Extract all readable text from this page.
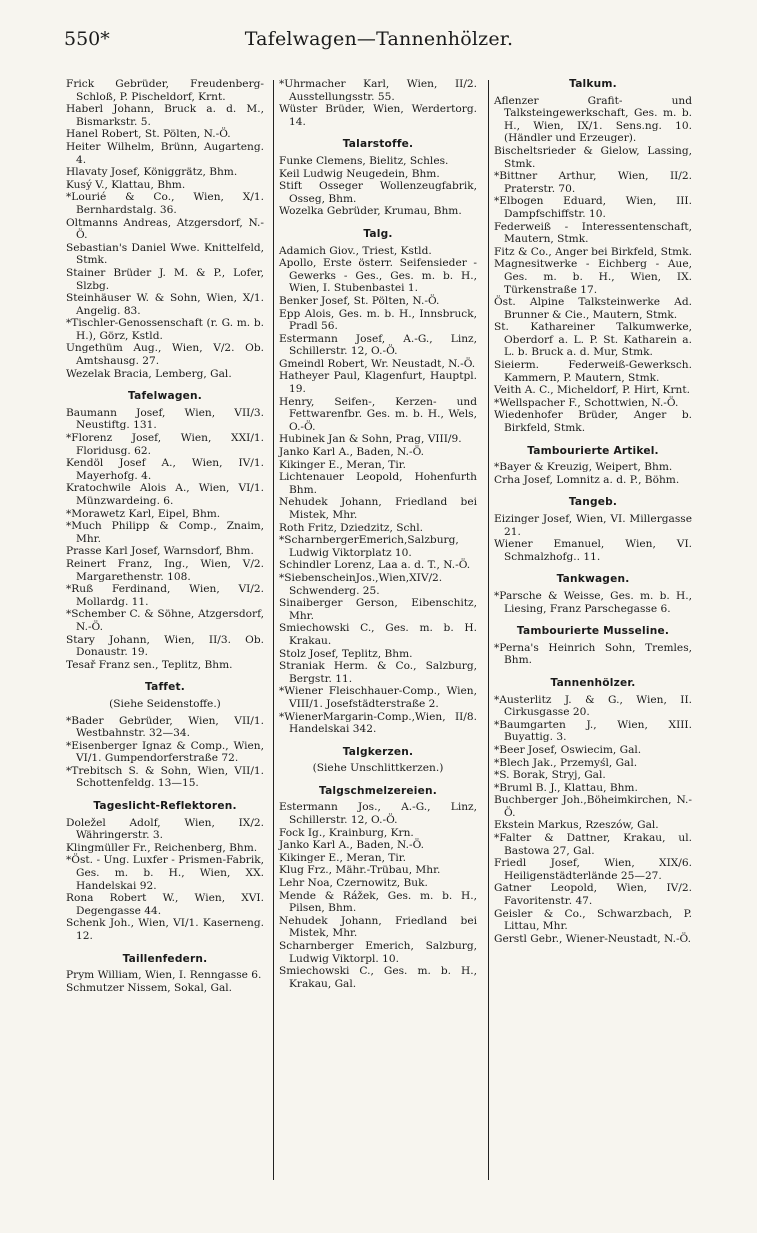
550*	Tafelwagen—Tannenhölzer.
Frick Gebrüder, Freudenberg-Schloß, P. Pischeldorf, Krnt.
Haberl Johann, Bruck a. d. M., Bismarkstr. 5.
Hanel Robert, St. Pölten, N.-Ö.
Heiter Wilhelm, Brünn, Augarteng. 4.
Hlavaty Josef, Königgrätz, Bhm.
Kusý V., Klattau, Bhm.
*Lourié & Co., Wien, X/1. Bernhardstalg. 36.
Oltmanns Andreas, Atzgersdorf, N.-Ö.
Sebastian's Daniel Wwe. Knittelfeld, Stmk.
Stainer Brüder J. M. & P., Lofer, Slzbg.
Steinhäuser W. & Sohn, Wien, X/1. Angelig. 83.
*Tischler-Genossenschaft (r. G. m. b. H.), Görz, Kstld.
Ungethüm Aug., Wien, V/2. Ob. Amtshausg. 27.
Wezelak Bracia, Lemberg, Gal.
Tafelwagen.
Baumann Josef, Wien, VII/3. Neustiftg. 131.
*Florenz Josef, Wien, XXI/1. Floridusg. 62.
Kendöl Josef A., Wien, IV/1. Mayerhofg. 4.
Kratochwile Alois A., Wien, VI/1. Münzwardeing. 6.
*Morawetz Karl, Eipel, Bhm.
*Much Philipp & Comp., Znaim, Mhr.
Prasse Karl Josef, Warnsdorf, Bhm.
Reinert Franz, Ing., Wien, V/2. Margarethenstr. 108.
*Ruß Ferdinand, Wien, VI/2. Mollardg. 11.
*Schember C. & Söhne, Atzgersdorf, N.-Ö.
Stary Johann, Wien, II/3. Ob. Donaustr. 19.
Tesař Franz sen., Teplitz, Bhm.
Taffet.
(Siehe Seidenstoffe.)
*Bader Gebrüder, Wien, VII/1. Westbahnstr. 32—34.
*Eisenberger Ignaz & Comp., Wien, VI/1. Gumpendorferstraße 72.
*Trebitsch S. & Sohn, Wien, VII/1. Schottenfeldg. 13—15.
Tageslicht-Reflektoren.
Doležel Adolf, Wien, IX/2. Währingerstr. 3.
Klingmüller Fr., Reichenberg, Bhm.
*Öst. - Ung. Luxfer - Prismen-Fabrik, Ges. m. b. H., Wien, XX. Handelskai 92.
Rona Robert W., Wien, XVI. Degengasse 44.
Schenk Joh., Wien, VI/1. Kaserneng. 12.
Taillenfedern.
Prym William, Wien, I. Renngasse 6.
Schmutzer Nissem, Sokal, Gal.
*Uhrmacher Karl, Wien, II/2. Ausstellungsstr. 55.
Wüster Brüder, Wien, Werdertorg. 14.
Talarstoffe.
Funke Clemens, Bielitz, Schles.
Keil Ludwig Neugedein, Bhm.
Stift Osseger Wollenzeugfabrik, Osseg, Bhm.
Wozelka Gebrüder, Krumau, Bhm.
Talg.
Adamich Giov., Triest, Kstld.
Apollo, Erste österr. Seifensieder - Gewerks - Ges., Ges. m. b. H., Wien, I. Stubenbastei 1.
Benker Josef, St. Pölten, N.-Ö.
Epp Alois, Ges. m. b. H., Innsbruck, Pradl 56.
Estermann Josef, A.-G., Linz, Schillerstr. 12, O.-Ö.
Gmeindl Robert, Wr. Neustadt, N.-Ö.
Hatheyer Paul, Klagenfurt, Hauptpl. 19.
Henry, Seifen-, Kerzen- und Fettwarenfbr. Ges. m. b. H., Wels, O.-Ö.
Hubinek Jan & Sohn, Prag, VIII/9.
Janko Karl A., Baden, N.-Ö.
Kikinger E., Meran, Tir.
Lichtenauer Leopold, Hohenfurth Bhm.
Nehudek Johann, Friedland bei Mistek, Mhr.
Roth Fritz, Dziedzitz, Schl.
*ScharnbergerEmerich,Salzburg, Ludwig Viktorplatz 10.
Schindler Lorenz, Laa a. d. T., N.-Ö.
*SiebenscheinJos.,Wien,XIV/2. Schwenderg. 25.
Sinaiberger Gerson, Eibenschitz, Mhr.
Smiechowski C., Ges. m. b. H. Krakau.
Stolz Josef, Teplitz, Bhm.
Straniak Herm. & Co., Salzburg, Bergstr. 11.
*Wiener Fleischhauer-Comp., Wien, VIII/1. Josefstädterstraße 2.
*WienerMargarin-Comp.,Wien, II/8. Handelskai 342.
Talgkerzen.
(Siehe Unschlittkerzen.)
Talgschmelzereien.
Estermann Jos., A.-G., Linz, Schillerstr. 12, O.-Ö.
Fock Ig., Krainburg, Krn.
Janko Karl A., Baden, N.-Ö.
Kikinger E., Meran, Tir.
Klug Frz., Mähr.-Trübau, Mhr.
Lehr Noa, Czernowitz, Buk.
Mende & Rážek, Ges. m. b. H., Pilsen, Bhm.
Nehudek Johann, Friedland bei Mistek, Mhr.
Scharnberger Emerich, Salzburg, Ludwig Viktorpl. 10.
Smiechowski C., Ges. m. b. H., Krakau, Gal.
Talkum.
Aflenzer Grafit- und Talksteingewerkschaft, Ges. m. b. H., Wien, IX/1. Sens.ng. 10. (Händler und Erzeuger).
Bischeltsrieder & Gielow, Lassing, Stmk.
*Bittner Arthur, Wien, II/2. Praterstr. 70.
*Elbogen Eduard, Wien, III. Dampfschiffstr. 10.
Federweiß - Interessentenschaft, Mautern, Stmk.
Fitz & Co., Anger bei Birkfeld, Stmk.
Magnesitwerke - Eichberg - Aue, Ges. m. b. H., Wien, IX. Türkenstraße 17.
Öst. Alpine Talksteinwerke Ad. Brunner & Cie., Mautern, Stmk.
St. Kathareiner Talkumwerke, Oberdorf a. L. P. St. Katharein a. L. b. Bruck a. d. Mur, Stmk.
Sieierm. Federweiß-Gewerksch. Kammern, P. Mautern, Stmk.
Veith A. C., Micheldorf, P. Hirt, Krnt.
*Wellspacher F., Schottwien, N.-Ö.
Wiedenhofer Brüder, Anger b. Birkfeld, Stmk.
Tambourierte Artikel.
*Bayer & Kreuzig, Weipert, Bhm.
Crha Josef, Lomnitz a. d. P., Böhm.
Tangeb.
Eizinger Josef, Wien, VI. Millergasse 21.
Wiener Emanuel, Wien, VI. Schmalzhofg.. 11.
Tankwagen.
*Parsche & Weisse, Ges. m. b. H., Liesing, Franz Parschegasse 6.
Tambourierte Musseline.
*Perna's Heinrich Sohn, Tremles, Bhm.
Tannenhölzer.
*Austerlitz J. & G., Wien, II. Cirkusgasse 20.
*Baumgarten J., Wien, XIII. Buyattig. 3.
*Beer Josef, Oswiecim, Gal.
*Blech Jak., Przemyśl, Gal.
*S. Borak, Stryj, Gal.
*Bruml B. J., Klattau, Bhm.
Buchberger Joh.,Böheimkirchen, N.-Ö.
Ekstein Markus, Rzeszów, Gal.
*Falter & Dattner, Krakau, ul. Bastowa 27, Gal.
Friedl Josef, Wien, XIX/6. Heiligenstädterlände 25—27.
Gatner Leopold, Wien, IV/2. Favoritenstr. 47.
Geisler & Co., Schwarzbach, P. Littau, Mhr.
Gerstl Gebr., Wiener-Neustadt, N.-Ö.
